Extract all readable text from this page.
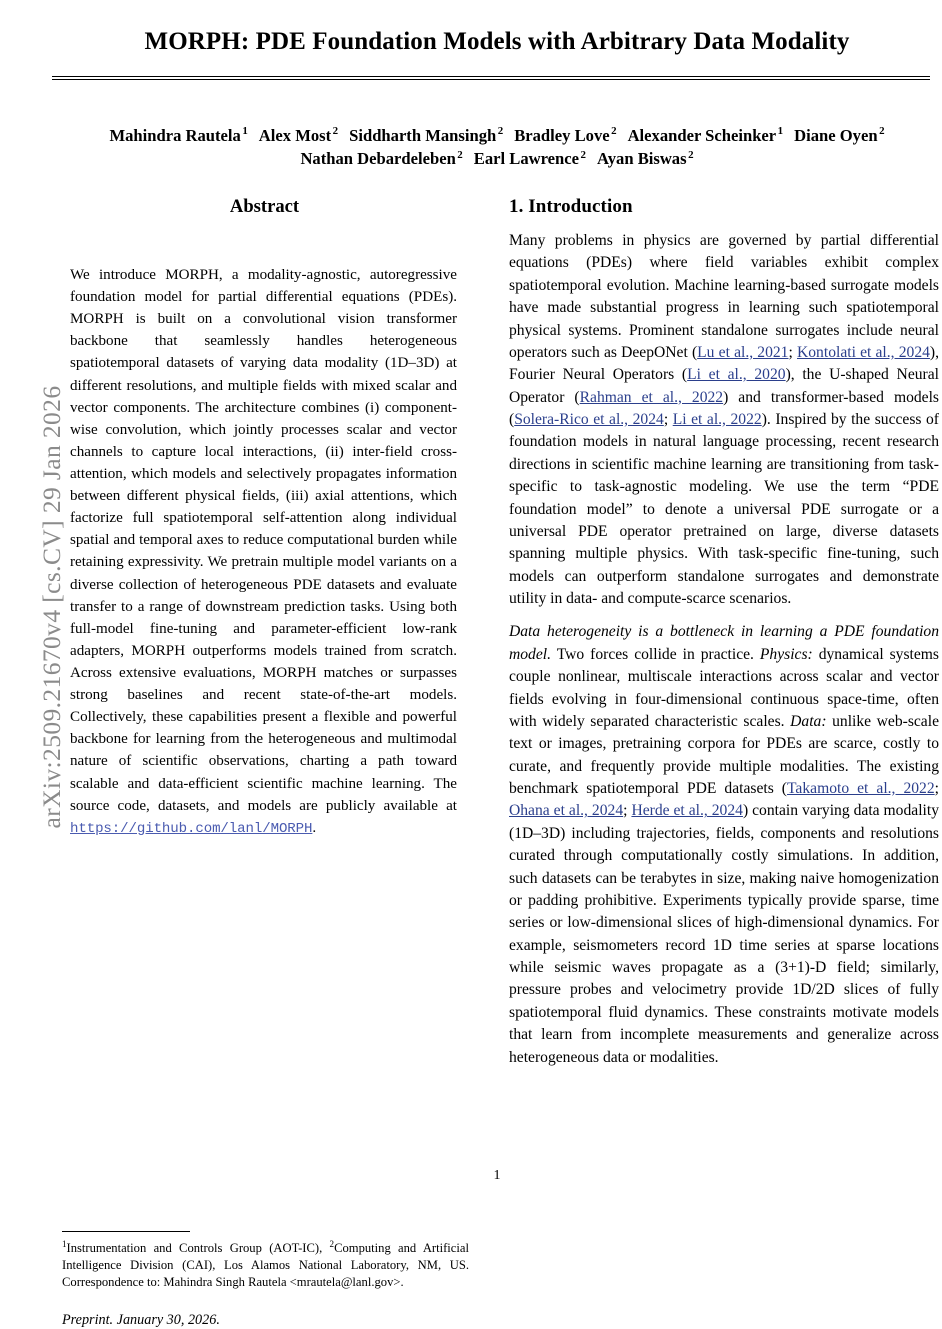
arXiv:2509.21670v4 [cs.CV] 29 Jan 2026
MORPH: PDE Foundation Models with Arbitrary Data Modality
Mahindra Rautela $^1$ Alex Most $^2$ Siddharth Mansingh $^2$ Bradley Love $^2$ Alexander Scheinker $^1$ Diane Oyen $^2$
Nathan Debardeleben $^2$ Earl Lawrence $^2$ Ayan Biswas $^2$
Abstract
We introduce MORPH, a modality-agnostic, autoregressive foundation model for partial differential equations (PDEs). MORPH is built on a convolutional vision transformer backbone that seamlessly handles heterogeneous spatiotemporal datasets of varying data modality (1D–3D) at different resolutions, and multiple fields with mixed scalar and vector components. The architecture combines (i) component-wise convolution, which jointly processes scalar and vector channels to capture local interactions, (ii) inter-field cross-attention, which models and selectively propagates information between different physical fields, (iii) axial attentions, which factorize full spatiotemporal self-attention along individual spatial and temporal axes to reduce computational burden while retaining expressivity. We pretrain multiple model variants on a diverse collection of heterogeneous PDE datasets and evaluate transfer to a range of downstream prediction tasks. Using both full-model fine-tuning and parameter-efficient low-rank adapters, MORPH outperforms models trained from scratch. Across extensive evaluations, MORPH matches or surpasses strong baselines and recent state-of-the-art models. Collectively, these capabilities present a flexible and powerful backbone for learning from the heterogeneous and multimodal nature of scientific observations, charting a path toward scalable and data-efficient scientific machine learning. The source code, datasets, and models are publicly available at https://github.com/lanl/MORPH.
$^1$Instrumentation and Controls Group (AOT-IC), $^2$Computing and Artificial Intelligence Division (CAI), Los Alamos National Laboratory, NM, US. Correspondence to: Mahindra Singh Rautela <mrautela@lanl.gov>.
Preprint. January 30, 2026.
1. Introduction

Many problems in physics are governed by partial differential equations (PDEs) where field variables exhibit complex spatiotemporal evolution. Machine learning-based surrogate models have made substantial progress in learning such spatiotemporal physical systems. Prominent standalone surrogates include neural operators such as DeepONet (Lu et al., 2021; Kontolati et al., 2024), Fourier Neural Operators (Li et al., 2020), the U-shaped Neural Operator (Rahman et al., 2022) and transformer-based models (Solera-Rico et al., 2024; Li et al., 2022). Inspired by the success of foundation models in natural language processing, recent research directions in scientific machine learning are transitioning from task-specific to task-agnostic modeling. We use the term “PDE foundation model” to denote a universal PDE surrogate or a universal PDE operator pretrained on large, diverse datasets spanning multiple physics. With task-specific fine-tuning, such models can outperform standalone surrogates and demonstrate utility in data- and compute-scarce scenarios.

Data heterogeneity is a bottleneck in learning a PDE foundation model. Two forces collide in practice. Physics: dynamical systems couple nonlinear, multiscale interactions across scalar and vector fields evolving in four-dimensional continuous space-time, often with widely separated characteristic scales. Data: unlike web-scale text or images, pretraining corpora for PDEs are scarce, costly to curate, and frequently provide multiple modalities. The existing benchmark spatiotemporal PDE datasets (Takamoto et al., 2022; Ohana et al., 2024; Herde et al., 2024) contain varying data modality (1D–3D) including trajectories, fields, components and resolutions curated through computationally costly simulations. In addition, such datasets can be terabytes in size, making naive homogenization or padding prohibitive. Experiments typically provide sparse, time series or low-dimensional slices of high-dimensional dynamics. For example, seismometers record 1D time series at sparse locations while seismic waves propagate as a (3+1)-D field; similarly, pressure probes and velocimetry provide 1D/2D slices of fully spatiotemporal fluid dynamics. These constraints motivate models that learn from incomplete measurements and generalize across heterogeneous data or modalities.

1
